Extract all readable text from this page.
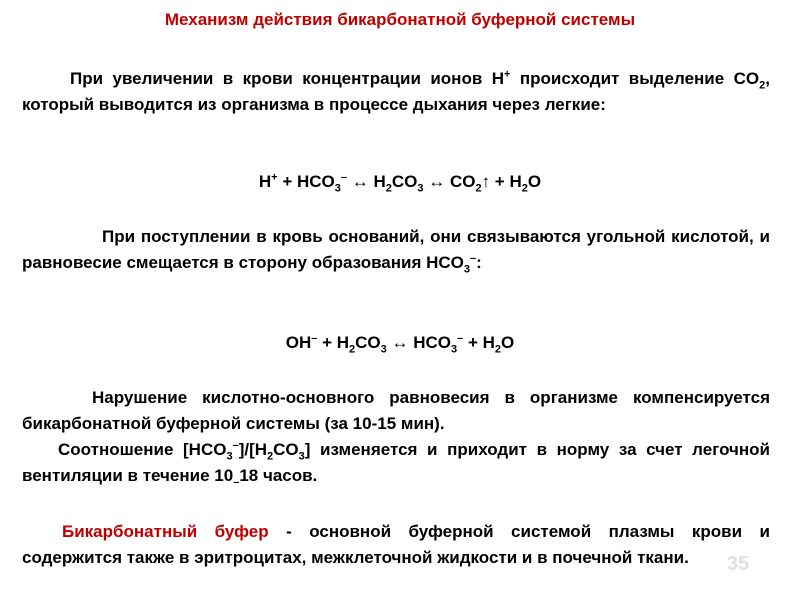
Механизм действия бикарбонатной буферной системы
При увеличении в крови концентрации ионов H+ происходит выделение $CO_2$, который выводится из организма в процессе дыхания через легкие:
$H^+ + HCO_3^-$ ↔ $H_2CO_3$ ↔ $CO_2↑ + H_2O$
При поступлении в кровь оснований, они связываются угольной кислотой, и равновесие смещается в сторону образования $HCO_3^-$:
$OH^- + H_2CO_3$ ↔ $HCO_3^- + H_2O$
Нарушение кислотно-основного равновесия в организме компенсируется бикарбонатной буферной системы (за 10-15 мин).
Соотношение $[HCO_3^-]/[H_2CO_3]$ изменяется и приходит в норму за счет легочной вентиляции в течение $10_-18$ часов.
Бикарбонатный буфер - основной буферной системой плазмы крови и содержится также в эритроцитах, межклеточной жидкости и в почечной ткани.	35
